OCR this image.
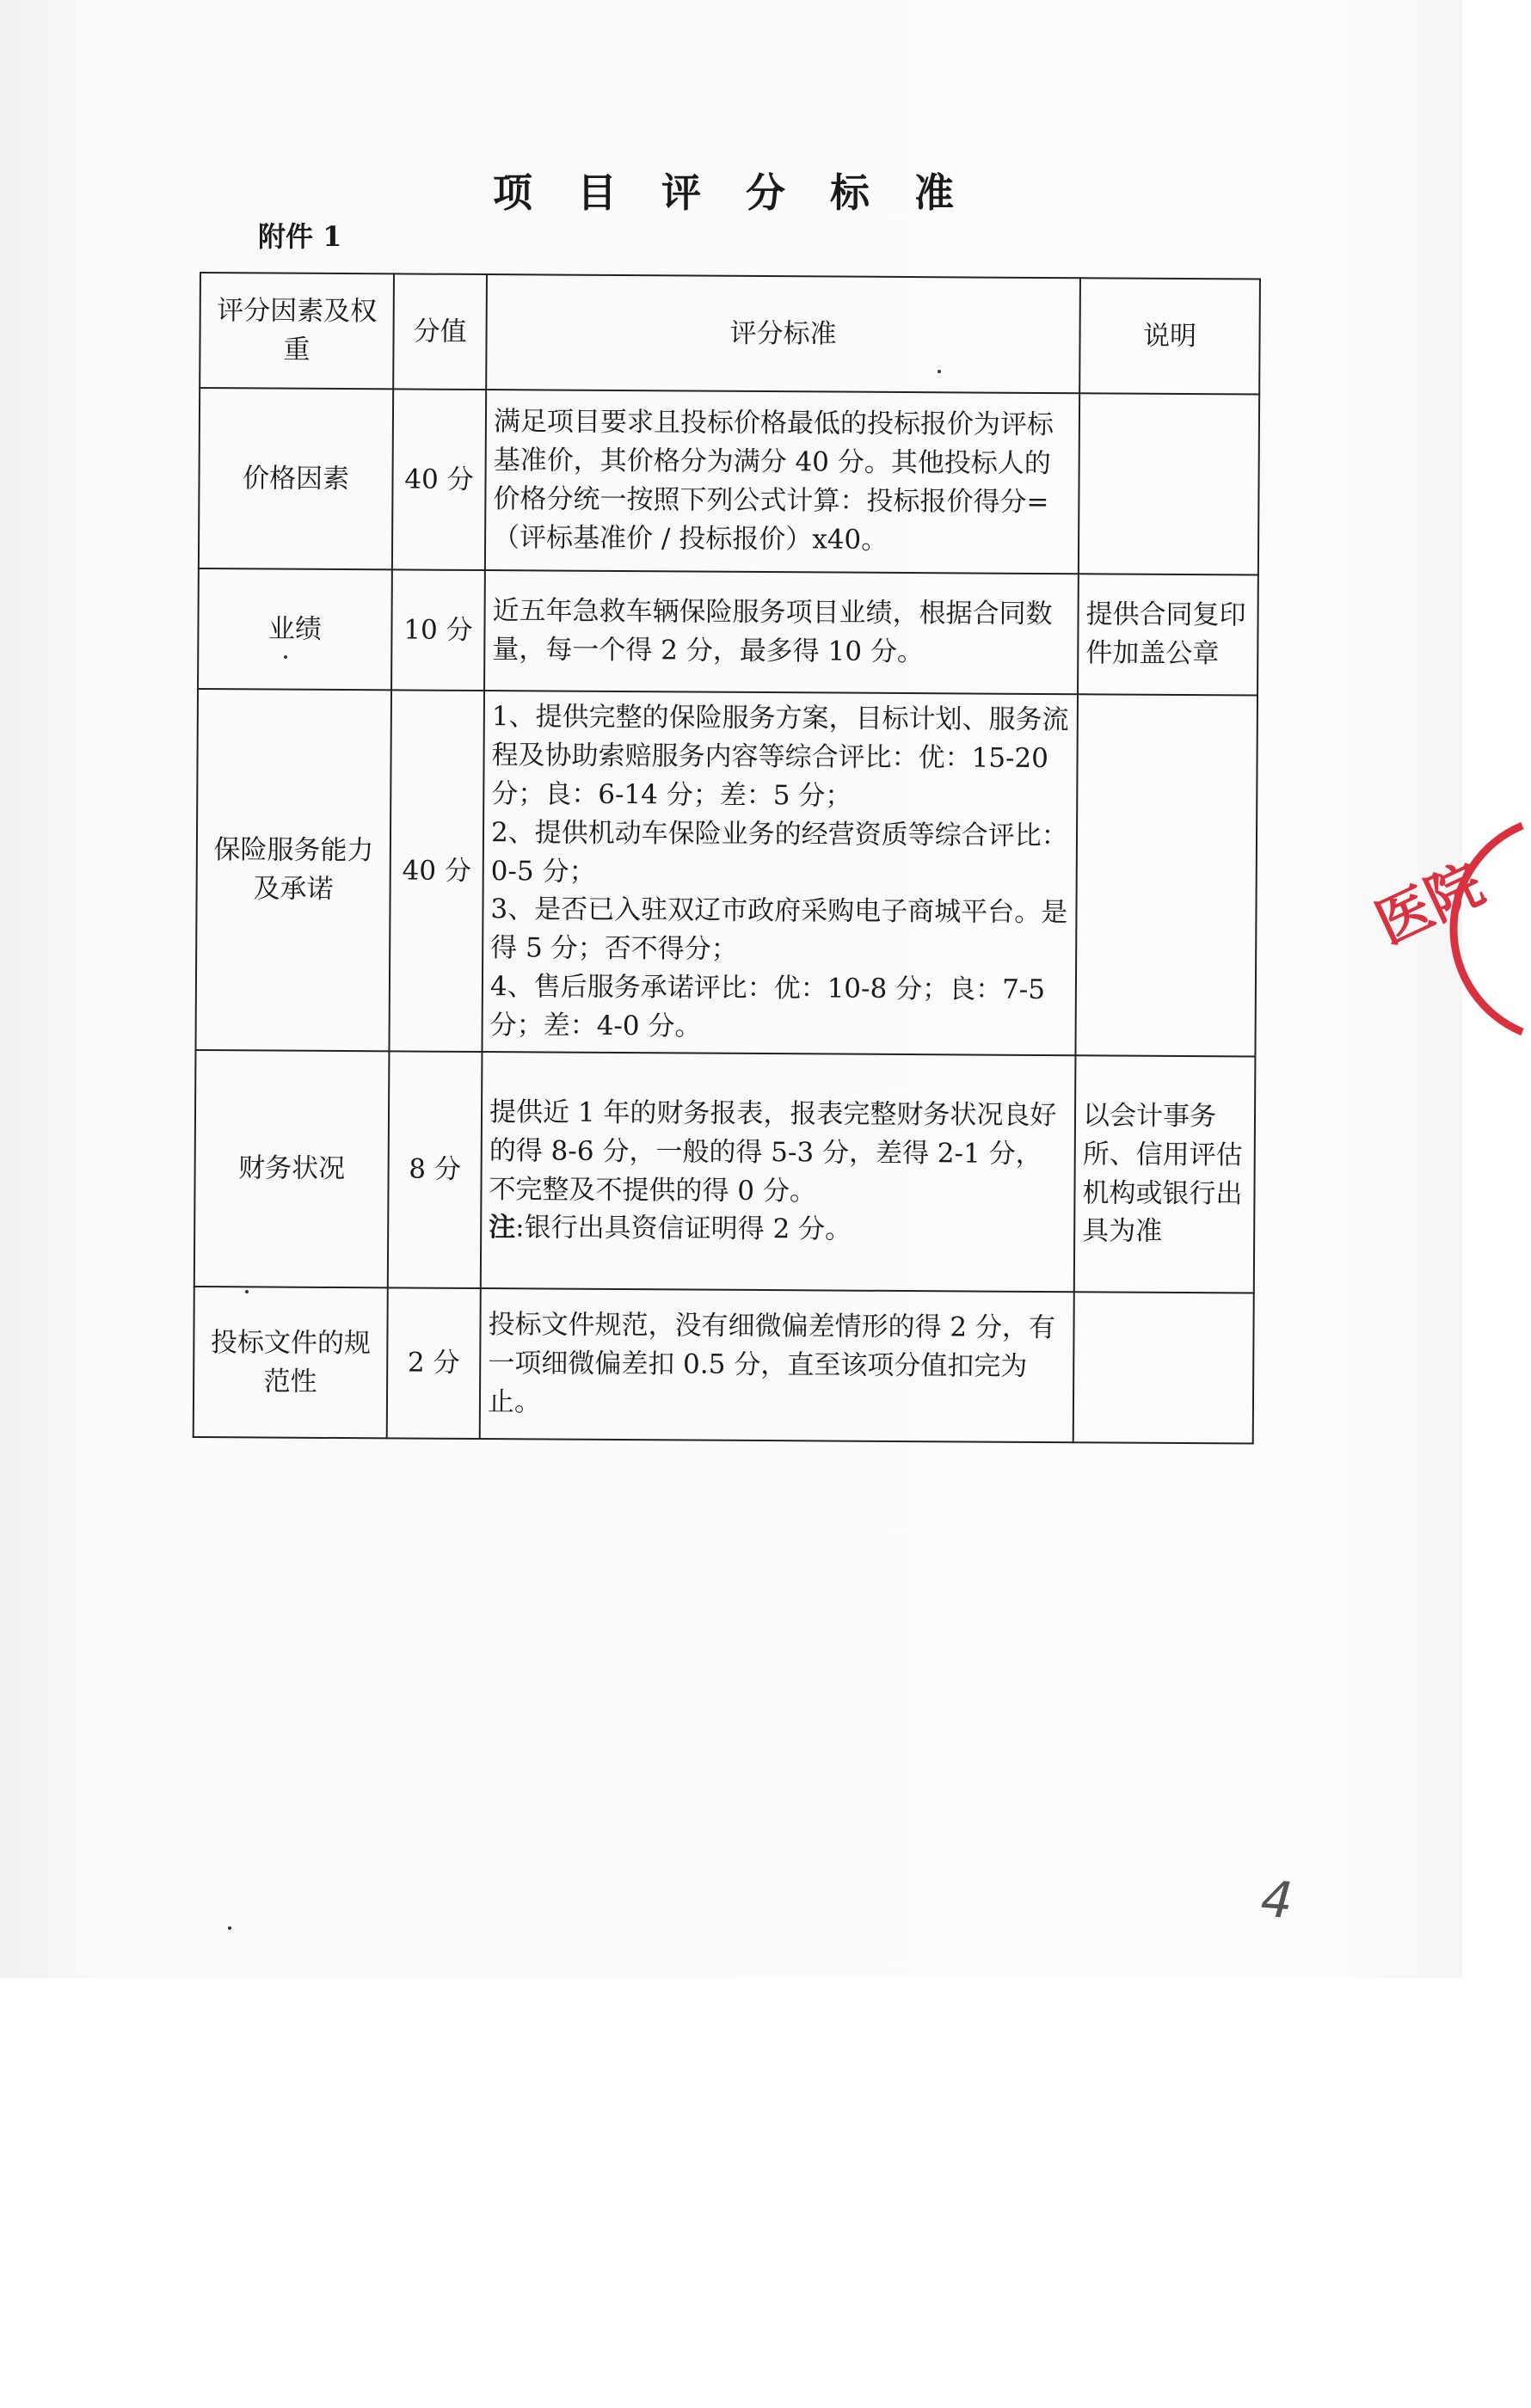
项 目 评 分 标 准
附件 1
评分因素及权重	分值	评分标准	说明
价格因素	40 分	满足项目要求且投标价格最低的投标报价为评标基准价，其价格分为满分 40 分。其他投标人的价格分统一按照下列公式计算：投标报价得分=（评标基准价 / 投标报价）x40。	
业绩	10 分	近五年急救车辆保险服务项目业绩，根据合同数量，每一个得 2 分，最多得 10 分。	提供合同复印件加盖公章
保险服务能力及承诺	40 分	1、提供完整的保险服务方案，目标计划、服务流程及协助索赔服务内容等综合评比：优：15-20 分；良：6-14 分；差：5 分；
2、提供机动车保险业务的经营资质等综合评比：0-5 分；
3、是否已入驻双辽市政府采购电子商城平台。是得 5 分；否不得分；
4、售后服务承诺评比：优：10-8 分；良：7-5 分；差：4-0 分。	

财务状况	8 分	提供近 1 年的财务报表，报表完整财务状况良好的得 8-6 分，一般的得 5-3 分，差得 2-1 分，不完整及不提供的得 0 分。
注:银行出具资信证明得 2 分。	以会计事务所、信用评估机构或银行出具为准
投标文件的规范性	2 分	投标文件规范，没有细微偏差情形的得 2 分，有一项细微偏差扣 0.5 分，直至该项分值扣完为止。	
医院
4
